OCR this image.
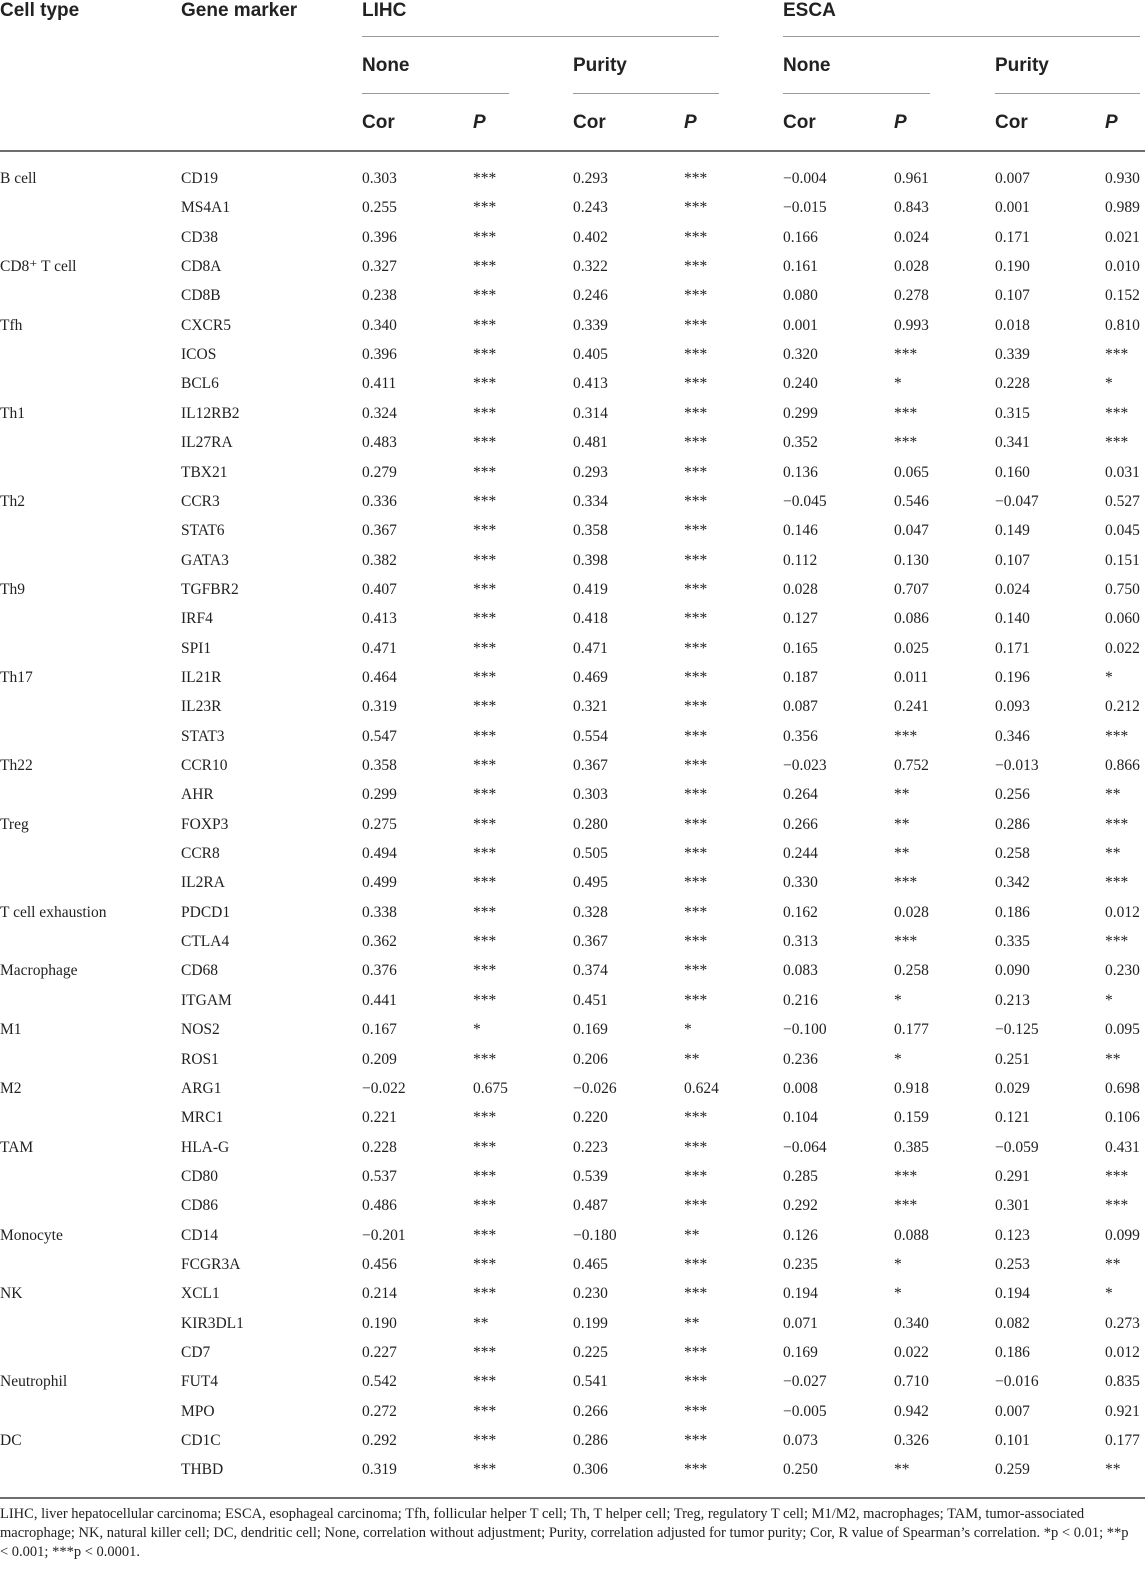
Cell type	Gene marker	LIHC	ESCA
None	Purity	None	Purity
Cor	P	Cor	P	Cor	P	Cor	P
B cell	CD19	0.303	***	0.293	***	−0.004	0.961	0.007	0.930
MS4A1	0.255	***	0.243	***	−0.015	0.843	0.001	0.989
CD38	0.396	***	0.402	***	0.166	0.024	0.171	0.021
CD8⁺ T cell	CD8A	0.327	***	0.322	***	0.161	0.028	0.190	0.010
CD8B	0.238	***	0.246	***	0.080	0.278	0.107	0.152
Tfh	CXCR5	0.340	***	0.339	***	0.001	0.993	0.018	0.810
ICOS	0.396	***	0.405	***	0.320	***	0.339	***
BCL6	0.411	***	0.413	***	0.240	*	0.228	*
Th1	IL12RB2	0.324	***	0.314	***	0.299	***	0.315	***
IL27RA	0.483	***	0.481	***	0.352	***	0.341	***
TBX21	0.279	***	0.293	***	0.136	0.065	0.160	0.031
Th2	CCR3	0.336	***	0.334	***	−0.045	0.546	−0.047	0.527
STAT6	0.367	***	0.358	***	0.146	0.047	0.149	0.045
GATA3	0.382	***	0.398	***	0.112	0.130	0.107	0.151
Th9	TGFBR2	0.407	***	0.419	***	0.028	0.707	0.024	0.750
IRF4	0.413	***	0.418	***	0.127	0.086	0.140	0.060
SPI1	0.471	***	0.471	***	0.165	0.025	0.171	0.022
Th17	IL21R	0.464	***	0.469	***	0.187	0.011	0.196	*
IL23R	0.319	***	0.321	***	0.087	0.241	0.093	0.212
STAT3	0.547	***	0.554	***	0.356	***	0.346	***
Th22	CCR10	0.358	***	0.367	***	−0.023	0.752	−0.013	0.866
AHR	0.299	***	0.303	***	0.264	**	0.256	**
Treg	FOXP3	0.275	***	0.280	***	0.266	**	0.286	***
CCR8	0.494	***	0.505	***	0.244	**	0.258	**
IL2RA	0.499	***	0.495	***	0.330	***	0.342	***
T cell exhaustion	PDCD1	0.338	***	0.328	***	0.162	0.028	0.186	0.012
CTLA4	0.362	***	0.367	***	0.313	***	0.335	***
Macrophage	CD68	0.376	***	0.374	***	0.083	0.258	0.090	0.230
ITGAM	0.441	***	0.451	***	0.216	*	0.213	*
M1	NOS2	0.167	*	0.169	*	−0.100	0.177	−0.125	0.095
ROS1	0.209	***	0.206	**	0.236	*	0.251	**
M2	ARG1	−0.022	0.675	−0.026	0.624	0.008	0.918	0.029	0.698
MRC1	0.221	***	0.220	***	0.104	0.159	0.121	0.106
TAM	HLA-G	0.228	***	0.223	***	−0.064	0.385	−0.059	0.431
CD80	0.537	***	0.539	***	0.285	***	0.291	***
CD86	0.486	***	0.487	***	0.292	***	0.301	***
Monocyte	CD14	−0.201	***	−0.180	**	0.126	0.088	0.123	0.099
FCGR3A	0.456	***	0.465	***	0.235	*	0.253	**
NK	XCL1	0.214	***	0.230	***	0.194	*	0.194	*
KIR3DL1	0.190	**	0.199	**	0.071	0.340	0.082	0.273
CD7	0.227	***	0.225	***	0.169	0.022	0.186	0.012
Neutrophil	FUT4	0.542	***	0.541	***	−0.027	0.710	−0.016	0.835
MPO	0.272	***	0.266	***	−0.005	0.942	0.007	0.921
DC	CD1C	0.292	***	0.286	***	0.073	0.326	0.101	0.177
THBD	0.319	***	0.306	***	0.250	**	0.259	**
LIHC, liver hepatocellular carcinoma; ESCA, esophageal carcinoma; Tfh, follicular helper T cell; Th, T helper cell; Treg, regulatory T cell; M1/M2, macrophages; TAM, tumor-associated macrophage; NK, natural killer cell; DC, dendritic cell; None, correlation without adjustment; Purity, correlation adjusted for tumor purity; Cor, R value of Spearman’s correlation. *p < 0.01; **p < 0.001; ***p < 0.0001.
